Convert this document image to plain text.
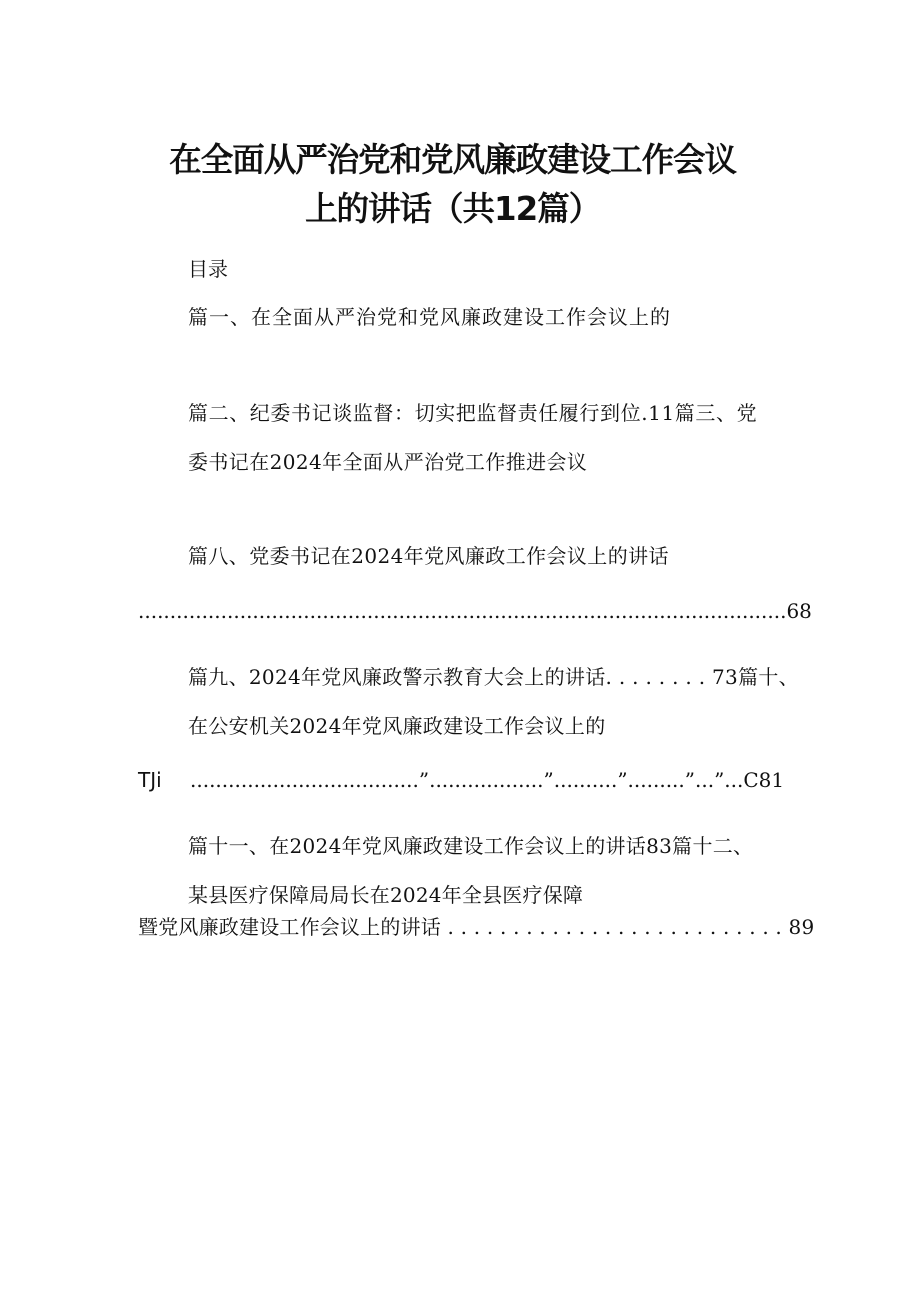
在全面从严治党和党风廉政建设工作会议
上的讲话（共12篇）
目录
篇一、在全面从严治党和党风廉政建设工作会议上的
篇二、纪委书记谈监督：切实把监督责任履行到位.11篇三、党
委书记在2024年全面从严治党工作推进会议
篇八、党委书记在2024年党风廉政工作会议上的讲话
......................................................................................................68
篇九、2024年党风廉政警示教育大会上的讲话. . . . . . . . 73篇十、
在公安机关2024年党风廉政建设工作会议上的
TJi ....................................”..................”..........”.........”...”...C81
篇十一、在2024年党风廉政建设工作会议上的讲话83篇十二、
某县医疗保障局局长在2024年全县医疗保障
暨党风廉政建设工作会议上的讲话 . . . . . . . . . . . . . . . . . . . . . . . . . . 89
